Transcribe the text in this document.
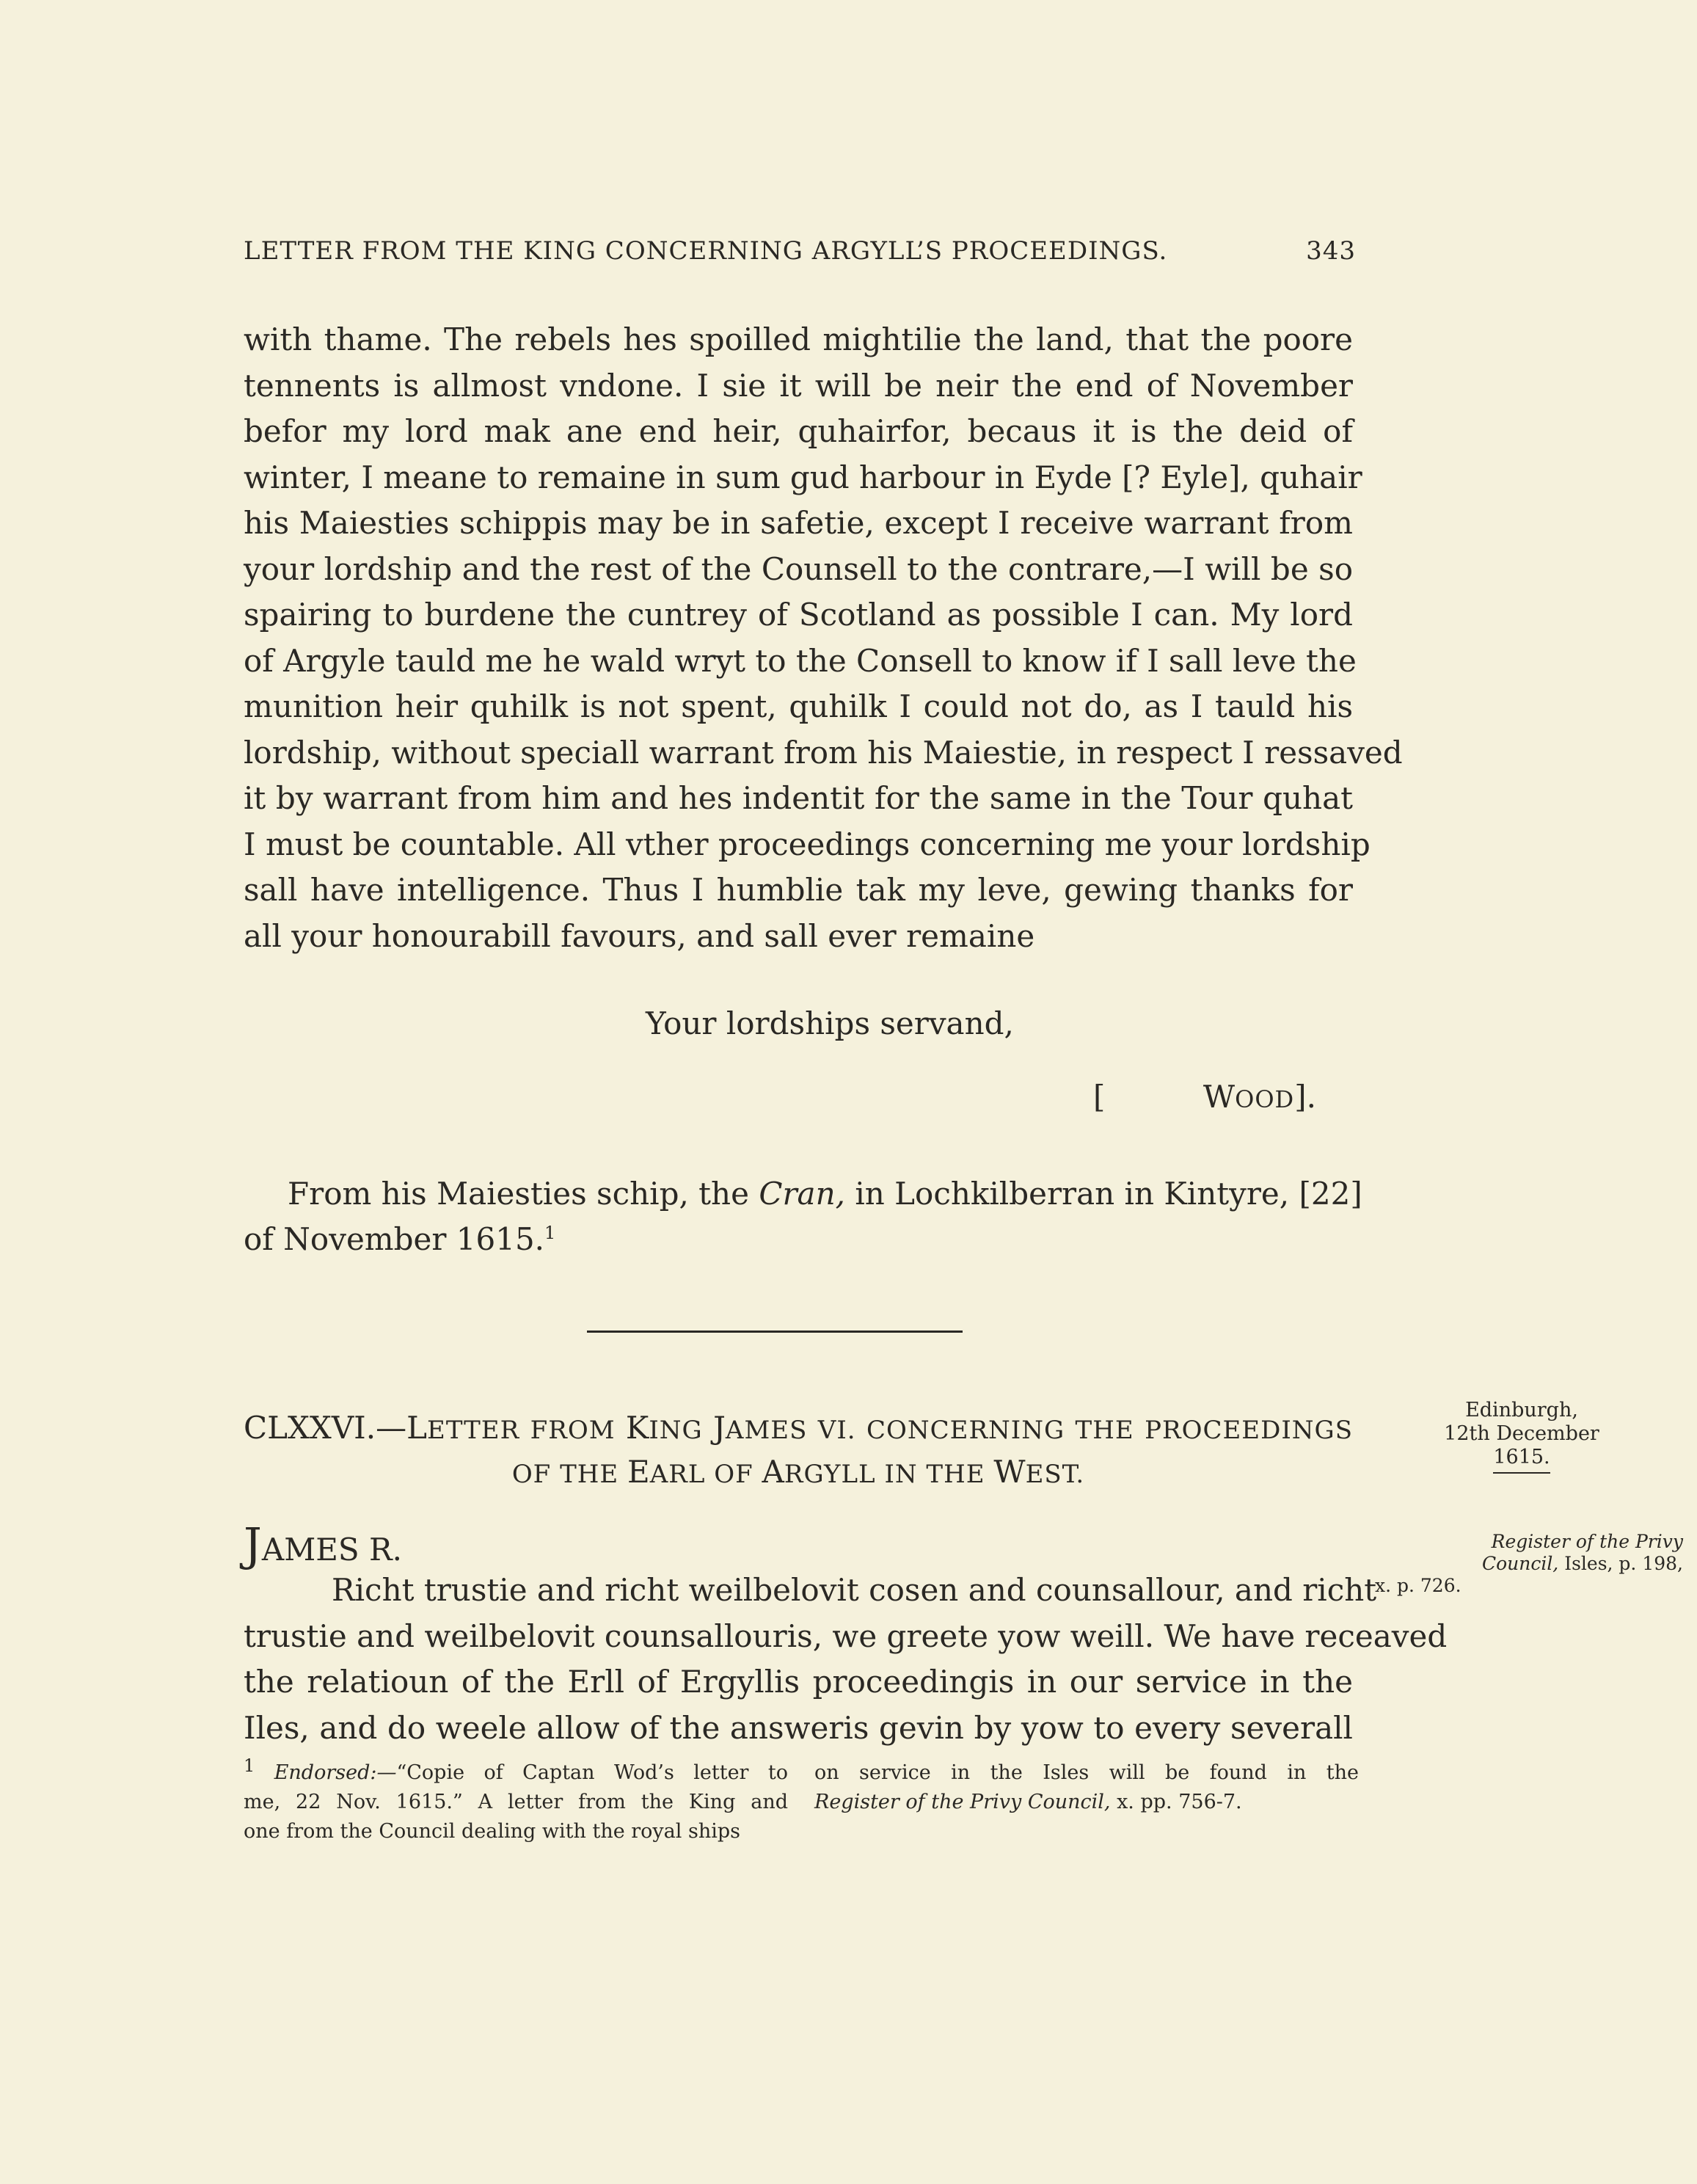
LETTER FROM THE KING CONCERNING ARGYLL’S PROCEEDINGS.	343
with thame. The rebels hes spoilled mightilie the land, that the poore
tennents is allmost vndone. I sie it will be neir the end of November
befor my lord mak ane end heir, quhairfor, becaus it is the deid of
winter, I meane to remaine in sum gud harbour in Eyde [? Eyle], quhair
his Maiesties schippis may be in safetie, except I receive warrant from
your lordship and the rest of the Counsell to the contrare,—I will be so
spairing to burdene the cuntrey of Scotland as possible I can. My lord
of Argyle tauld me he wald wryt to the Consell to know if I sall leve the
munition heir quhilk is not spent, quhilk I could not do, as I tauld his
lordship, without speciall warrant from his Maiestie, in respect I ressaved
it by warrant from him and hes indentit for the same in the Tour quhat
I must be countable. All vther proceedings concerning me your lordship
sall have intelligence. Thus I humblie tak my leve, gewing thanks for
all your honourabill favours, and sall ever remaine
Your lordships servand,
[	WOOD].
From his Maiesties schip, the Cran, in Lochkilberran in Kintyre, [22]
of November 1615.$^1$
CLXXVI.—LETTER FROM KING JAMES VI. CONCERNING THE PROCEEDINGS
OF THE EARL OF ARGYLL IN THE WEST.
Edinburgh,
12th December
1615.
Register of the Privy
Council, Isles, p. 198,
x. p. 726.
JAMES R.
Richt trustie and richt weilbelovit cosen and counsallour, and richt
trustie and weilbelovit counsallouris, we greete yow weill. We have receaved
the relatioun of the Erll of Ergyllis proceedingis in our service in the
Iles, and do weele allow of the answeris gevin by yow to every severall
$^1$ Endorsed:—“Copie of Captan Wod’s letter to
me, 22 Nov. 1615.” A letter from the King and
one from the Council dealing with the royal ships
on service in the Isles will be found in the
Register of the Privy Council, x. pp. 756-7.
